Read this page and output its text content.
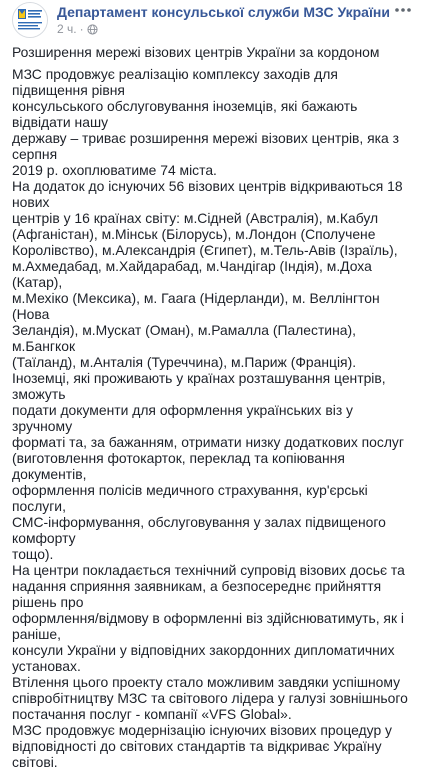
Департамент консульської служби МЗС України
2 ч. ·

Розширення мережі візових центрів України за кордоном

МЗС продовжує реалізацію комплексу заходів для підвищення рівня
консульського обслуговування іноземців, які бажають відвідати нашу
державу – триває розширення мережі візових центрів, яка з серпня
2019 р. охоплюватиме 74 міста.

На додаток до існуючих 56 візових центрів відкриваються 18 нових
центрів у 16 країнах світу: м.Сідней (Австралія), м.Кабул
(Афганістан), м.Мінськ (Білорусь), м.Лондон (Сполучене
Королівство), м.Александрія (Єгипет), м.Тель-Авів (Ізраїль),
м.Ахмедабад, м.Хайдарабад, м.Чандігар (Індія), м.Доха (Катар),
м.Мехіко (Мексика), м. Гаага (Нідерланди), м. Веллінгтон (Нова
Зеландія), м.Мускат (Оман), м.Рамалла (Палестина), м.Бангкок
(Таїланд), м.Анталія (Туреччина), м.Париж (Франція).

Іноземці, які проживають у країнах розташування центрів, зможуть
подати документи для оформлення українських віз у зручному
форматі та, за бажанням, отримати низку додаткових послуг
(виготовлення фотокарток, переклад та копіювання документів,
оформлення полісів медичного страхування, кур'єрські послуги,
СМС-інформування, обслуговування у залах підвищеного комфорту
тощо).

На центри покладається технічний супровід візових досьє та
надання сприяння заявникам, а безпосереднє прийняття рішень про
оформлення/відмову в оформленні віз здійснюватимуть, як і раніше,
консули України у відповідних закордонних дипломатичних
установах.

Втілення цього проекту стало можливим завдяки успішному
співробітництву МЗС та світового лідера у галузі зовнішнього
постачання послуг - компанії «VFS Global».

МЗС продовжує модернізацію існуючих візових процедур у
відповідності до світових стандартів та відкриває Україну світові.
